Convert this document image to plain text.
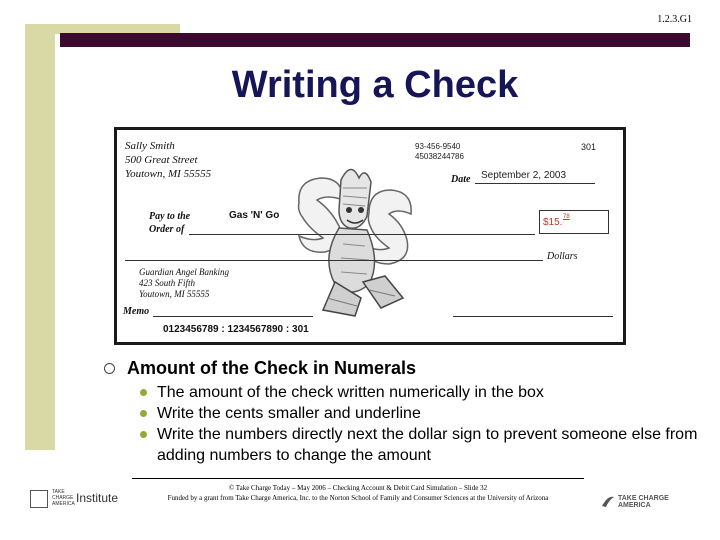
1.2.3.G1
Writing a Check
Sally Smith
500 Great Street
Youtown, MI 55555
93-456-9540
45038244786
301
Date September 2, 2003
Pay to the
Order of
Gas 'N' Go
$15. 78
Dollars
Guardian Angel Banking
423 South Fifth
Youtown, MI 55555
Memo
0123456789 : 1234567890 : 301
Amount of the Check in Numerals
The amount of the check written numerically in the box
Write the cents smaller and underline
Write the numbers directly next the dollar sign to prevent someone else from adding numbers to change the amount
© Take Charge Today – May 2006 – Checking Account & Debit Card Simulation – Slide 32
Funded by a grant from Take Charge America, Inc. to the Norton School of Family and Consumer Sciences at the University of Arizona
TAKE CHARGE AMERICA Institute	TAKE CHARGE AMERICA
